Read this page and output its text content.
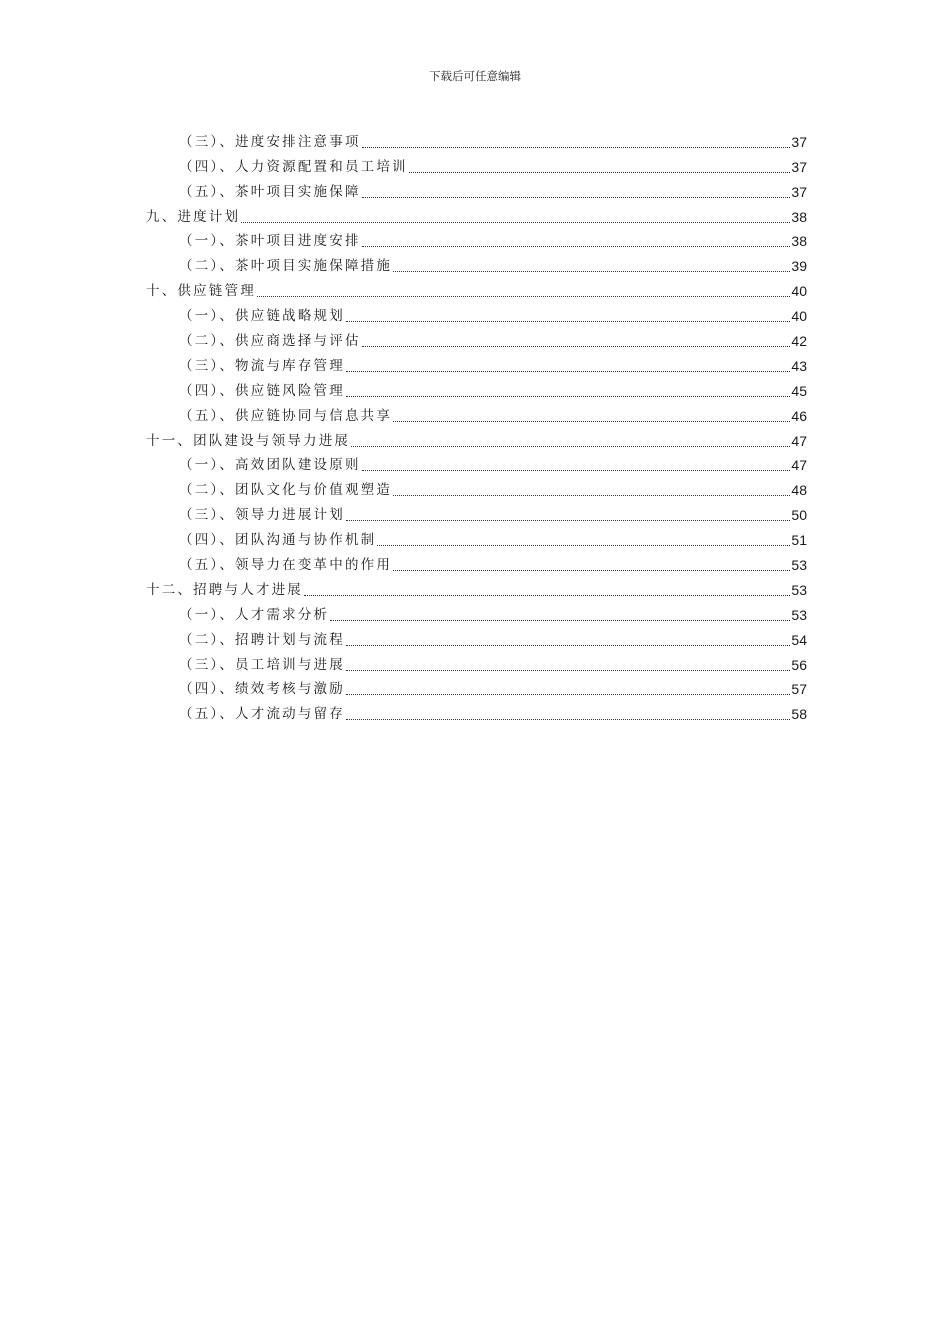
下载后可任意编辑
（三）、进度安排注意事项	37
（四）、人力资源配置和员工培训	37
（五）、茶叶项目实施保障	37
九、进度计划	38
（一）、茶叶项目进度安排	38
（二）、茶叶项目实施保障措施	39
十、供应链管理	40
（一）、供应链战略规划	40
（二）、供应商选择与评估	42
（三）、物流与库存管理	43
（四）、供应链风险管理	45
（五）、供应链协同与信息共享	46
十一、团队建设与领导力进展	47
（一）、高效团队建设原则	47
（二）、团队文化与价值观塑造	48
（三）、领导力进展计划	50
（四）、团队沟通与协作机制	51
（五）、领导力在变革中的作用	53
十二、招聘与人才进展	53
（一）、人才需求分析	53
（二）、招聘计划与流程	54
（三）、员工培训与进展	56
（四）、绩效考核与激励	57
（五）、人才流动与留存	58
